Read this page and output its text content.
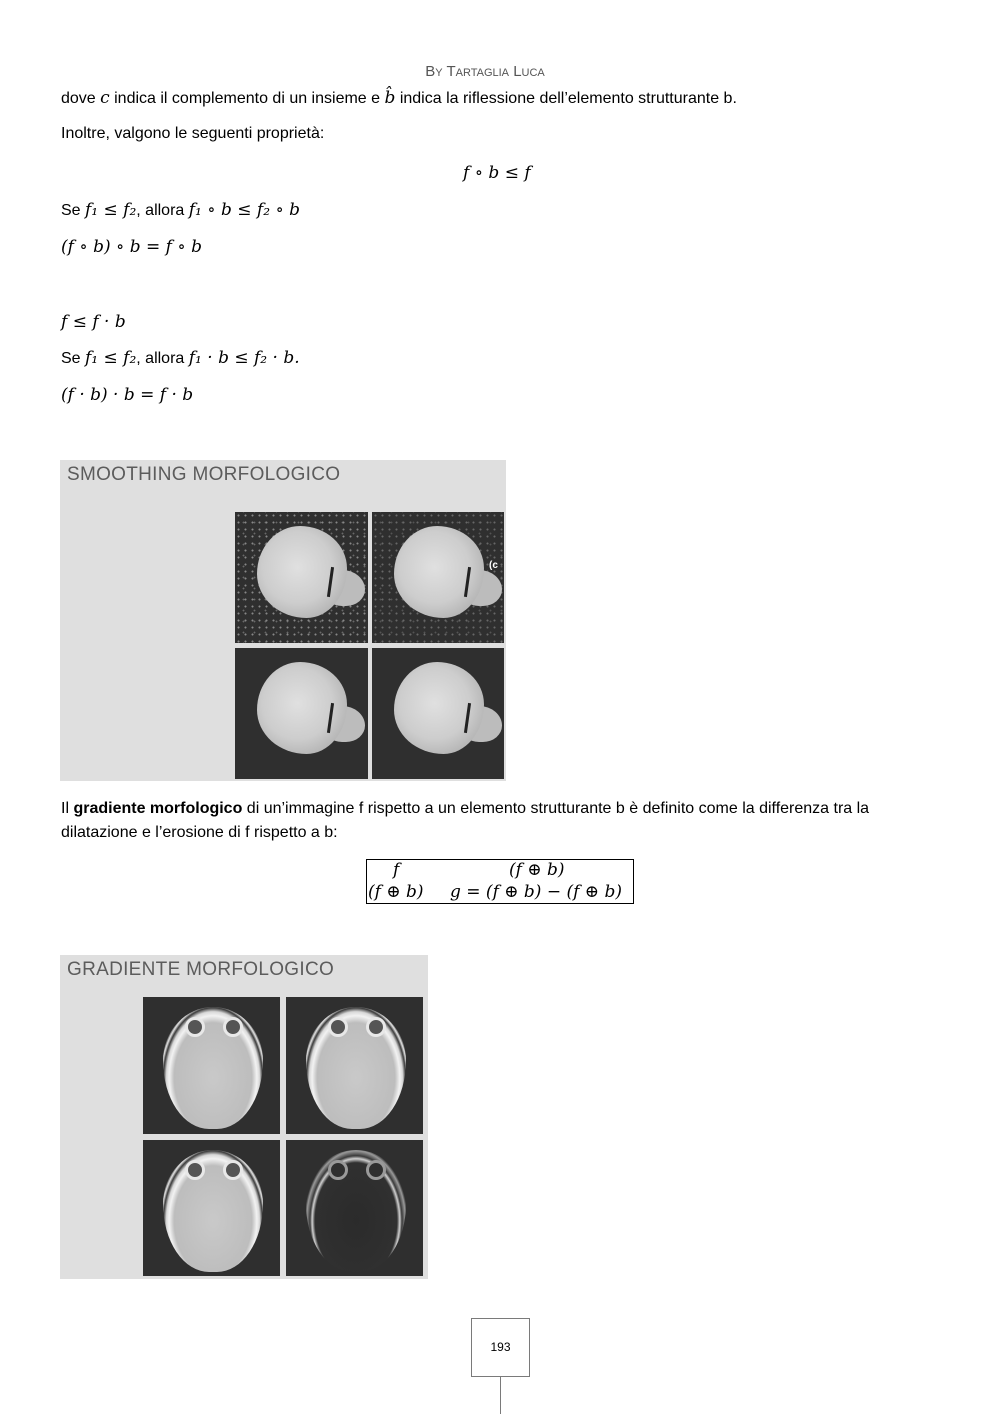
By Tartaglia Luca
dove c indica il complemento di un insieme e b̂ indica la riflessione dell’elemento strutturante b.
Inoltre, valgono le seguenti proprietà:
f ∘ b ≤ f
Se f₁ ≤ f₂, allora f₁ ∘ b ≤ f₂ ∘ b
(f ∘ b) ∘ b = f ∘ b
f ≤ f · b
Se f₁ ≤ f₂, allora f₁ · b ≤ f₂ · b.
(f · b) · b = f · b
SMOOTHING MORFOLOGICO
(c
Il gradiente morfologico di un’immagine f rispetto a un elemento strutturante b è definito come la differenza tra la
dilatazione e l’erosione di f rispetto a b:
f	(f ⊕ b)
(f ⊕ b) g = (f ⊕ b) − (f ⊕ b)
GRADIENTE MORFOLOGICO
193
